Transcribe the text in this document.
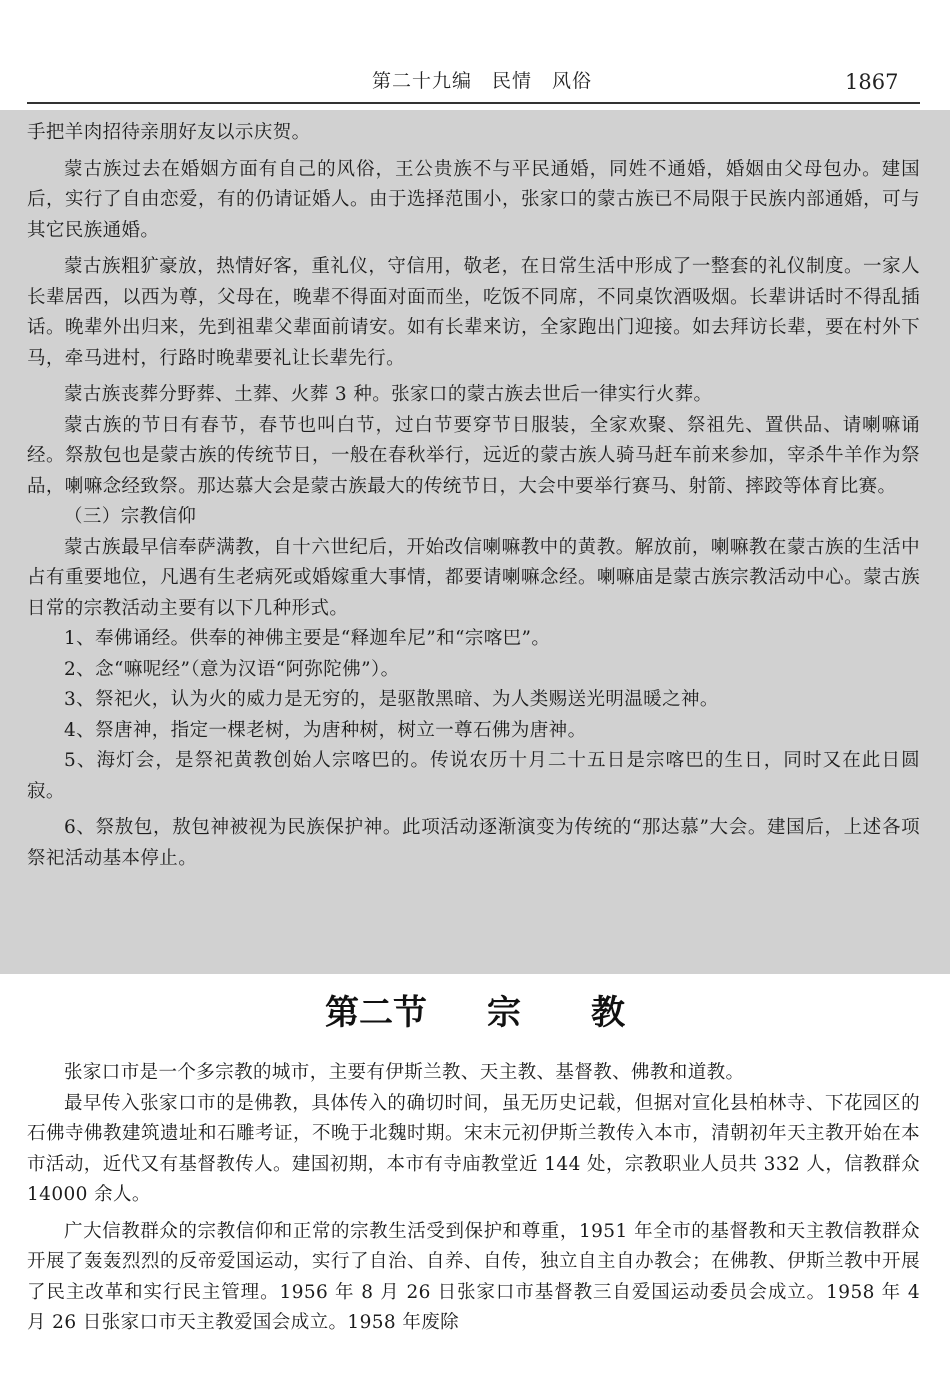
第二十九编　民情　风俗	1867

手把羊肉招待亲朋好友以示庆贺。

蒙古族过去在婚姻方面有自己的风俗，王公贵族不与平民通婚，同姓不通婚，婚姻由父母包办。建国后，实行了自由恋爱，有的仍请证婚人。由于选择范围小，张家口的蒙古族已不局限于民族内部通婚，可与其它民族通婚。

蒙古族粗犷豪放，热情好客，重礼仪，守信用，敬老，在日常生活中形成了一整套的礼仪制度。一家人长辈居西，以西为尊，父母在，晚辈不得面对面而坐，吃饭不同席，不同桌饮酒吸烟。长辈讲话时不得乱插话。晚辈外出归来，先到祖辈父辈面前请安。如有长辈来访，全家跑出门迎接。如去拜访长辈，要在村外下马，牵马进村，行路时晚辈要礼让长辈先行。

蒙古族丧葬分野葬、土葬、火葬 3 种。张家口的蒙古族去世后一律实行火葬。

蒙古族的节日有春节，春节也叫白节，过白节要穿节日服装，全家欢聚、祭祖先、置供品、请喇嘛诵经。祭敖包也是蒙古族的传统节日，一般在春秋举行，远近的蒙古族人骑马赶车前来参加，宰杀牛羊作为祭品，喇嘛念经致祭。那达慕大会是蒙古族最大的传统节日，大会中要举行赛马、射箭、摔跤等体育比赛。

（三）宗教信仰

蒙古族最早信奉萨满教，自十六世纪后，开始改信喇嘛教中的黄教。解放前，喇嘛教在蒙古族的生活中占有重要地位，凡遇有生老病死或婚嫁重大事情，都要请喇嘛念经。喇嘛庙是蒙古族宗教活动中心。蒙古族日常的宗教活动主要有以下几种形式。

1、奉佛诵经。供奉的神佛主要是“释迦牟尼”和“宗喀巴”。

2、念“嘛呢经”（意为汉语“阿弥陀佛”）。

3、祭祀火，认为火的威力是无穷的，是驱散黑暗、为人类赐送光明温暖之神。

4、祭唐神，指定一棵老树，为唐种树，树立一尊石佛为唐神。

5、海灯会，是祭祀黄教创始人宗喀巴的。传说农历十月二十五日是宗喀巴的生日，同时又在此日圆寂。

6、祭敖包，敖包神被视为民族保护神。此项活动逐渐演变为传统的“那达慕”大会。建国后，上述各项祭祀活动基本停止。

第二节 宗 教

张家口市是一个多宗教的城市，主要有伊斯兰教、天主教、基督教、佛教和道教。

最早传入张家口市的是佛教，具体传入的确切时间，虽无历史记载，但据对宣化县柏林寺、下花园区的石佛寺佛教建筑遗址和石雕考证，不晚于北魏时期。宋末元初伊斯兰教传入本市，清朝初年天主教开始在本市活动，近代又有基督教传人。建国初期，本市有寺庙教堂近 144 处，宗教职业人员共 332 人，信教群众 14000 余人。

广大信教群众的宗教信仰和正常的宗教生活受到保护和尊重，1951 年全市的基督教和天主教信教群众开展了轰轰烈烈的反帝爱国运动，实行了自治、自养、自传，独立自主自办教会；在佛教、伊斯兰教中开展了民主改革和实行民主管理。1956 年 8 月 26 日张家口市基督教三自爱国运动委员会成立。1958 年 4 月 26 日张家口市天主教爱国会成立。1958 年废除
